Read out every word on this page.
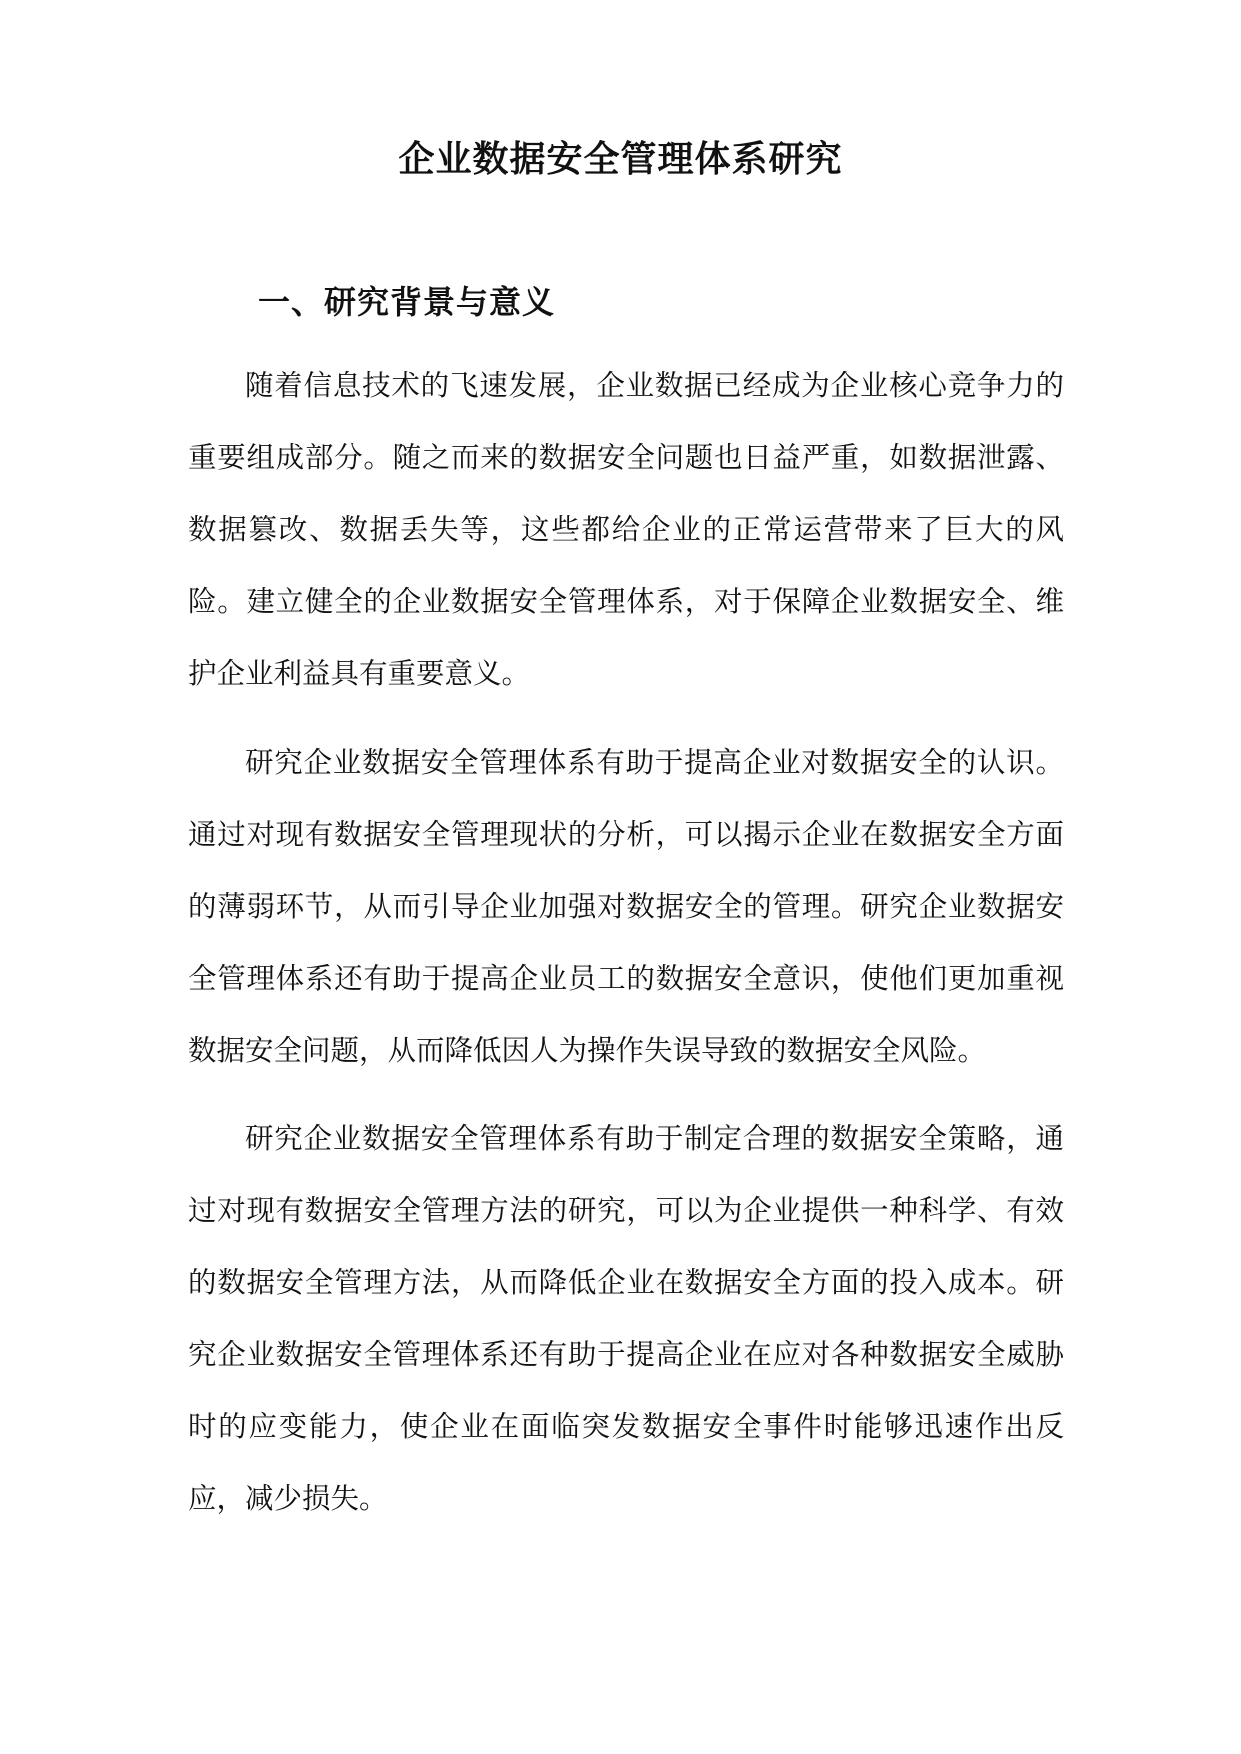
企业数据安全管理体系研究
一、研究背景与意义

随着信息技术的飞速发展，企业数据已经成为企业核心竞争力的重要组成部分。随之而来的数据安全问题也日益严重，如数据泄露、数据篡改、数据丢失等，这些都给企业的正常运营带来了巨大的风险。建立健全的企业数据安全管理体系，对于保障企业数据安全、维护企业利益具有重要意义。

研究企业数据安全管理体系有助于提高企业对数据安全的认识。通过对现有数据安全管理现状的分析，可以揭示企业在数据安全方面的薄弱环节，从而引导企业加强对数据安全的管理。研究企业数据安全管理体系还有助于提高企业员工的数据安全意识，使他们更加重视数据安全问题，从而降低因人为操作失误导致的数据安全风险。

研究企业数据安全管理体系有助于制定合理的数据安全策略，通过对现有数据安全管理方法的研究，可以为企业提供一种科学、有效的数据安全管理方法，从而降低企业在数据安全方面的投入成本。研究企业数据安全管理体系还有助于提高企业在应对各种数据安全威胁时的应变能力，使企业在面临突发数据安全事件时能够迅速作出反应，减少损失。
